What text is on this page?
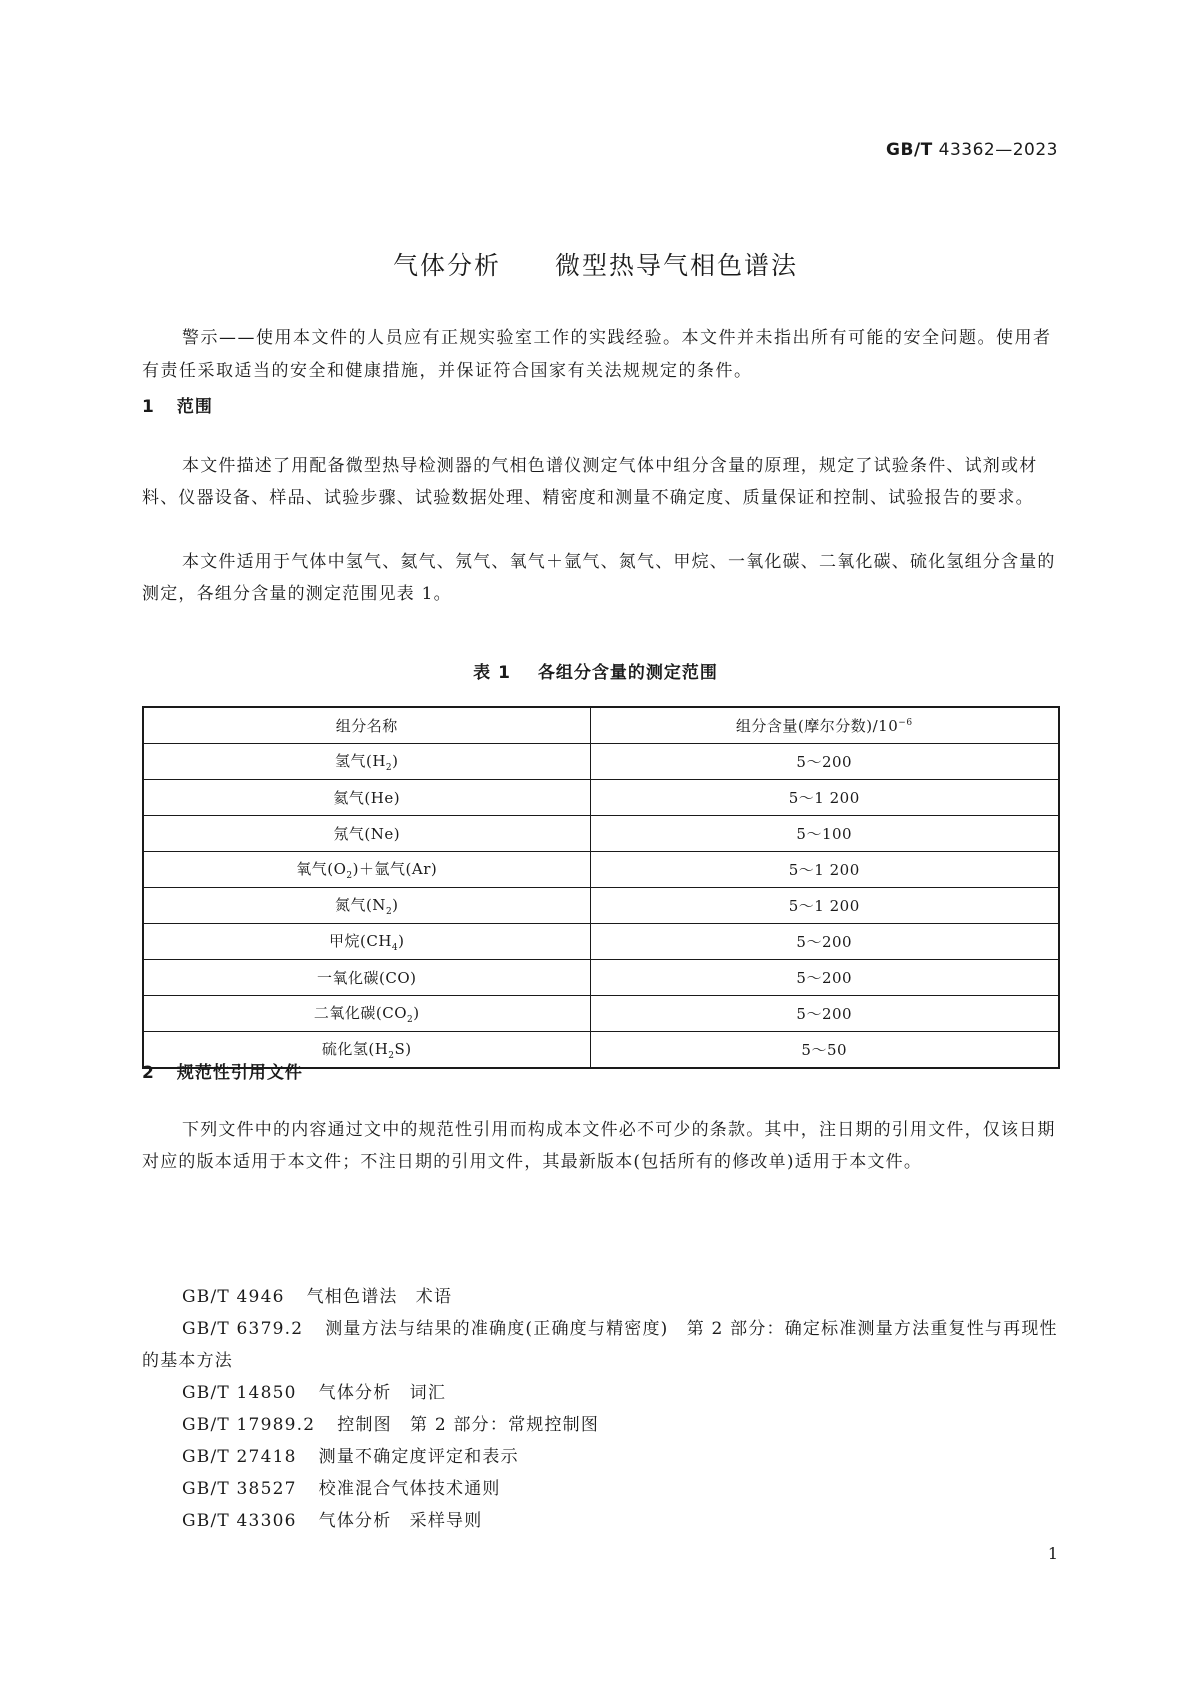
GB/T 43362—2023
气体分析 微型热导气相色谱法
警示——使用本文件的人员应有正规实验室工作的实践经验。本文件并未指出所有可能的安全问题。使用者有责任采取适当的安全和健康措施，并保证符合国家有关法规规定的条件。
1 范围
本文件描述了用配备微型热导检测器的气相色谱仪测定气体中组分含量的原理，规定了试验条件、试剂或材料、仪器设备、样品、试验步骤、试验数据处理、精密度和测量不确定度、质量保证和控制、试验报告的要求。
本文件适用于气体中氢气、氦气、氖气、氧气＋氩气、氮气、甲烷、一氧化碳、二氧化碳、硫化氢组分含量的测定，各组分含量的测定范围见表 1。
表 1 各组分含量的测定范围
组分名称	组分含量(摩尔分数)$/10^{-6}$
氢气$(H_2)$	5～200
氦气(He)	5～1 200
氖气(Ne)	5～100
氧气$(O_2)+$氩气(Ar)	5～1 200
氮气$(N_2)$	5～1 200
甲烷$(CH_4)$	5～200
一氧化碳(CO)	5～200
二氧化碳$(CO_2)$	5～200
硫化氢$(H_2S)$	5～50
2 规范性引用文件
下列文件中的内容通过文中的规范性引用而构成本文件必不可少的条款。其中，注日期的引用文件，仅该日期对应的版本适用于本文件；不注日期的引用文件，其最新版本(包括所有的修改单)适用于本文件。
GB/T 4946 气相色谱法　术语
GB/T 6379.2 测量方法与结果的准确度(正确度与精密度)　第 2 部分：确定标准测量方法重复性与再现性的基本方法
GB/T 14850 气体分析　词汇
GB/T 17989.2 控制图　第 2 部分：常规控制图
GB/T 27418 测量不确定度评定和表示
GB/T 38527 校准混合气体技术通则
GB/T 43306 气体分析　采样导则
1
